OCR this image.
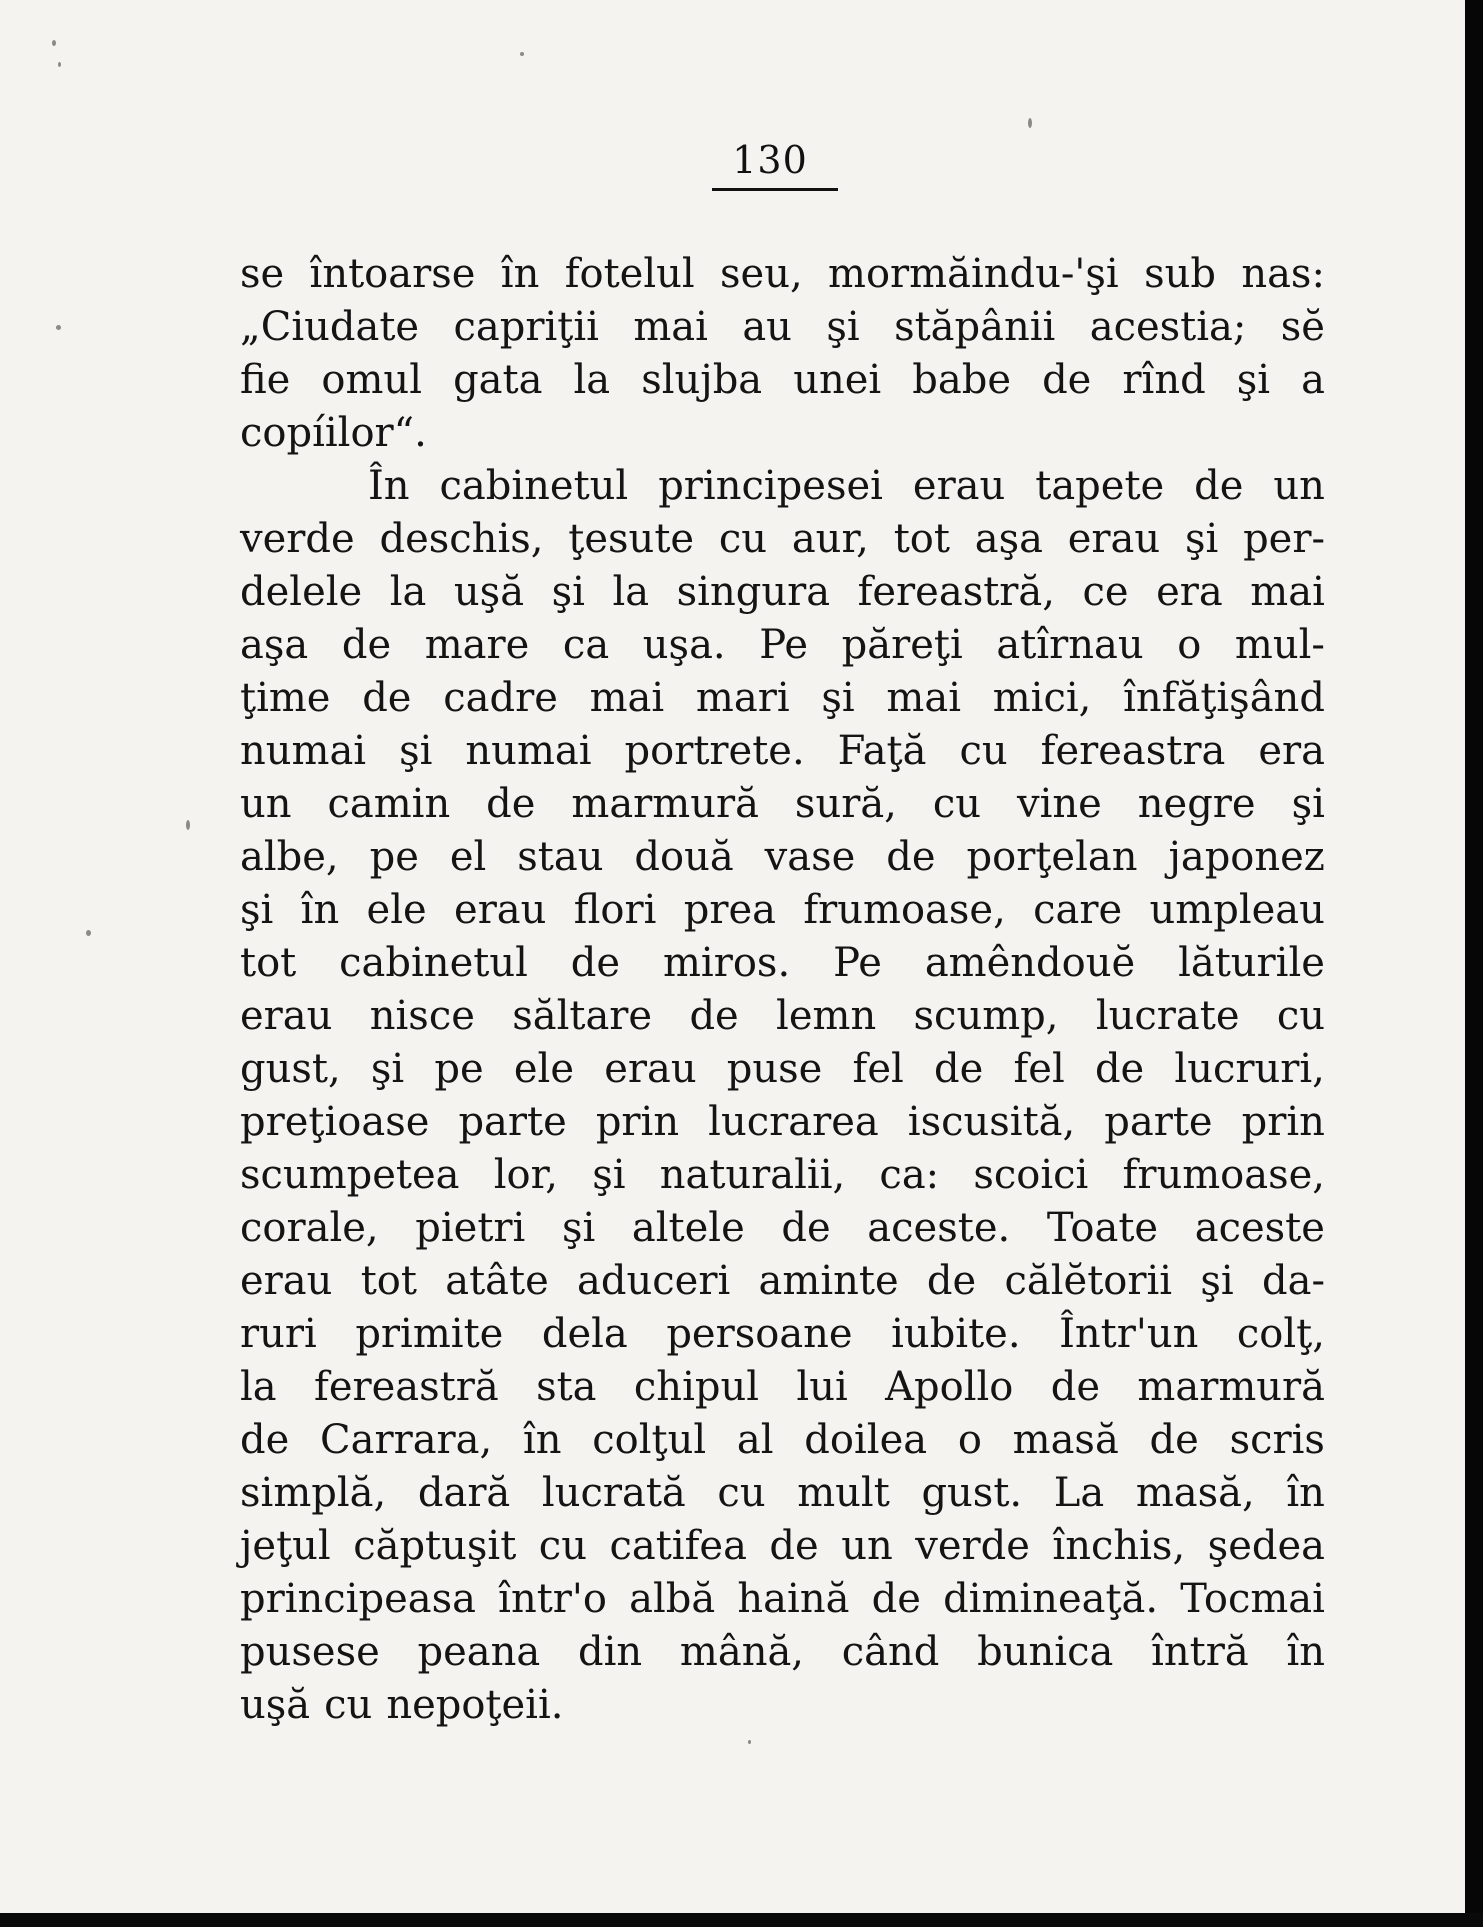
130
se întoarse în fotelul seu, mormăindu-'şi sub nas:
„Ciudate capriţii mai au şi stăpânii acestia; sĕ
fie omul gata la slujba unei babe de rînd şi a
copíilor“.
În cabinetul principesei erau tapete de un
verde deschis, ţesute cu aur, tot aşa erau şi per-
delele la uşă şi la singura fereastră, ce era mai
aşa de mare ca uşa. Pe păreţi atîrnau o mul-
ţime de cadre mai mari şi mai mici, înfăţişând
numai şi numai portrete. Faţă cu fereastra era
un camin de marmură sură, cu vine negre şi
albe, pe el stau două vase de porţelan japonez
şi în ele erau flori prea frumoase, care umpleau
tot cabinetul de miros. Pe amêndouĕ lăturile
erau nisce săltare de lemn scump, lucrate cu
gust, şi pe ele erau puse fel de fel de lucruri,
preţioase parte prin lucrarea iscusită, parte prin
scumpetea lor, şi naturalii, ca: scoici frumoase,
corale, pietri şi altele de aceste. Toate aceste
erau tot atâte aduceri aminte de călĕtorii şi da-
ruri primite dela persoane iubite. Într'un colţ,
la fereastră sta chipul lui Apollo de marmură
de Carrara, în colţul al doilea o masă de scris
simplă, dară lucrată cu mult gust. La masă, în
jeţul căptuşit cu catifea de un verde închis, şedea
principeasa într'o albă haină de dimineaţă. Tocmai
pusese peana din mână, când bunica întră în
uşă cu nepoţeii.
